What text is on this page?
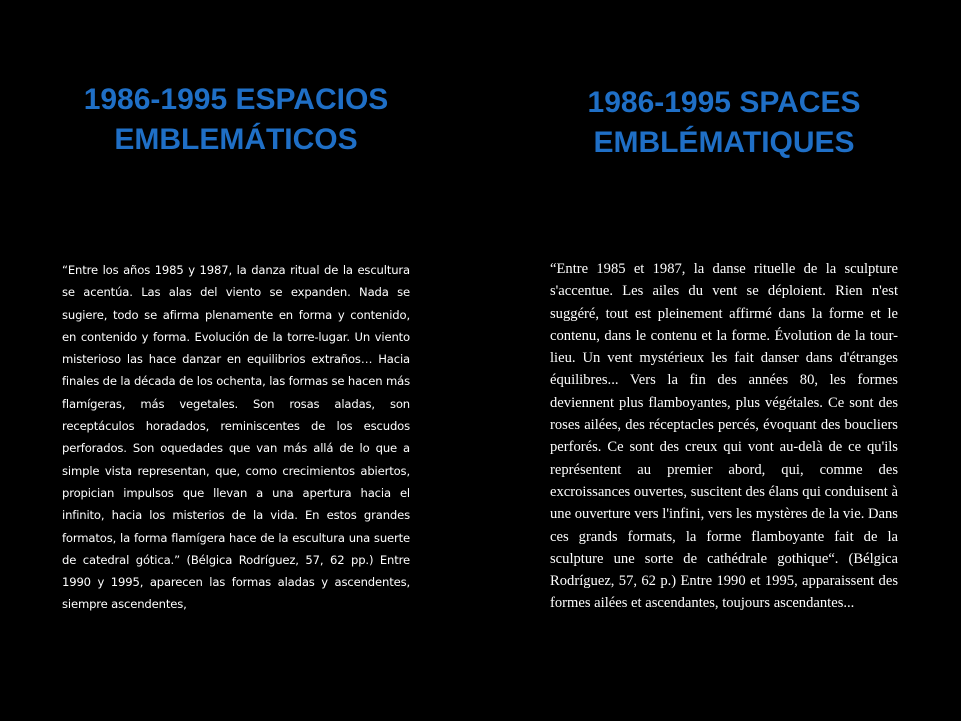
1986-1995 ESPACIOS EMBLEMÁTICOS

“Entre los años 1985 y 1987, la danza ritual de la escultura se acentúa. Las alas del viento se expanden. Nada se sugiere, todo se afirma plenamente en forma y contenido, en contenido y forma. Evolución de la torre-lugar. Un viento misterioso las hace danzar en equilibrios extraños… Hacia finales de la década de los ochenta, las formas se hacen más flamígeras, más vegetales. Son rosas aladas, son receptáculos horadados, reminiscentes de los escudos perforados. Son oquedades que van más allá de lo que a simple vista representan, que, como crecimientos abiertos, propician impulsos que llevan a una apertura hacia el infinito, hacia los misterios de la vida. En estos grandes formatos, la forma flamígera hace de la escultura una suerte de catedral gótica.” (Bélgica Rodríguez, 57, 62 pp.) Entre 1990 y 1995, aparecen las formas aladas y ascendentes, siempre ascendentes,

1986-1995 SPACES EMBLÉMATIQUES

“Entre 1985 et 1987, la danse rituelle de la sculpture s'accentue. Les ailes du vent se déploient. Rien n'est suggéré, tout est pleinement affirmé dans la forme et le contenu, dans le contenu et la forme. Évolution de la tour-lieu. Un vent mystérieux les fait danser dans d'étranges équilibres... Vers la fin des années 80, les formes deviennent plus flamboyantes, plus végétales. Ce sont des roses ailées, des réceptacles percés, évoquant des boucliers perforés. Ce sont des creux qui vont au-delà de ce qu'ils représentent au premier abord, qui, comme des excroissances ouvertes, suscitent des élans qui conduisent à une ouverture vers l'infini, vers les mystères de la vie. Dans ces grands formats, la forme flamboyante fait de la sculpture une sorte de cathédrale gothique“. (Bélgica Rodríguez, 57, 62 p.) Entre 1990 et 1995, apparaissent des formes ailées et ascendantes, toujours ascendantes...
